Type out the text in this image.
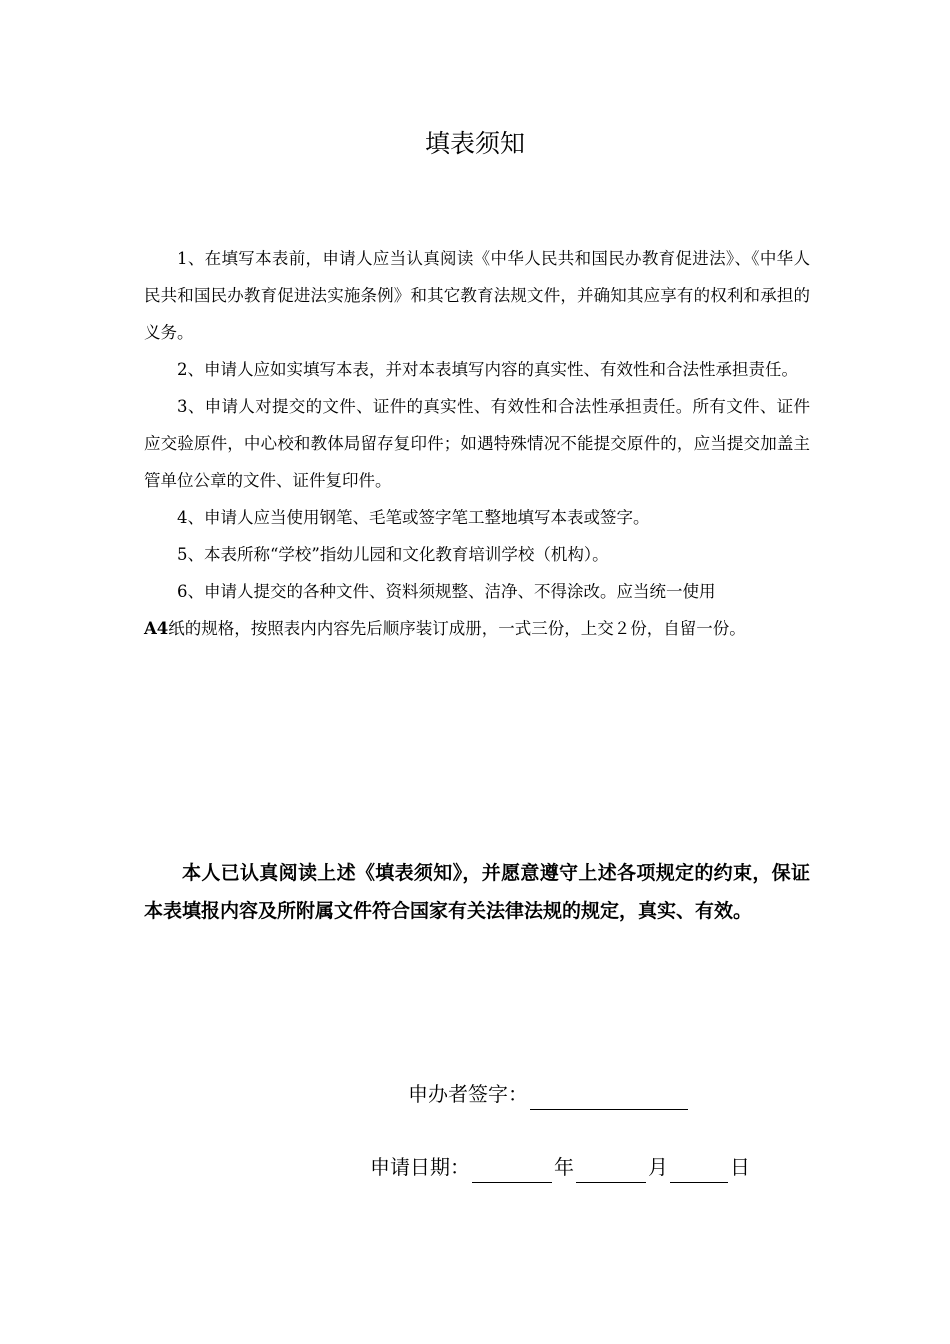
填表须知

1、在填写本表前，申请人应当认真阅读《中华人民共和国民办教育促进法》、《中华人民共和国民办教育促进法实施条例》和其它教育法规文件，并确知其应享有的权利和承担的义务。

2、申请人应如实填写本表，并对本表填写内容的真实性、有效性和合法性承担责任。

3、申请人对提交的文件、证件的真实性、有效性和合法性承担责任。所有文件、证件应交验原件，中心校和教体局留存复印件；如遇特殊情况不能提交原件的，应当提交加盖主管单位公章的文件、证件复印件。

4、申请人应当使用钢笔、毛笔或签字笔工整地填写本表或签字。

5、本表所称“学校”指幼儿园和文化教育培训学校（机构）。

6、申请人提交的各种文件、资料须规整、洁净、不得涂改。应当统一使用
A4纸的规格，按照表内内容先后顺序装订成册，一式三份，上交２份，自留一份。

本人已认真阅读上述《填表须知》，并愿意遵守上述各项规定的约束，保证本表填报内容及所附属文件符合国家有关法律法规的规定，真实、有效。

申办者签字：
申请日期：	年	月	日
